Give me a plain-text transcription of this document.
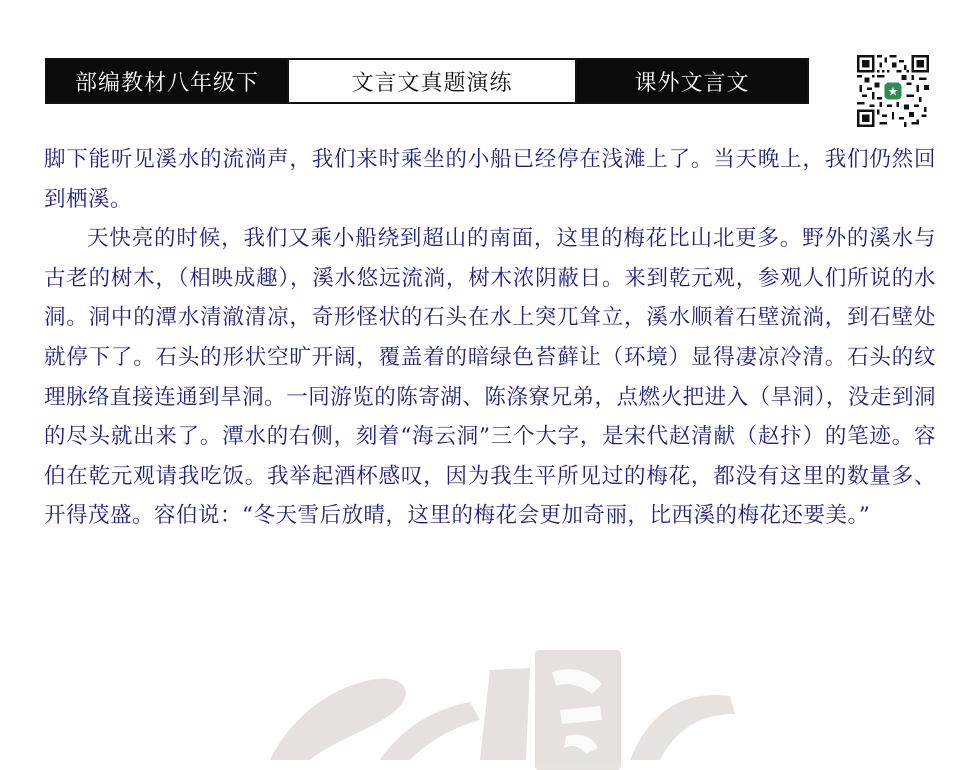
部编教材八年级下	文言文真题演练	课外文言文	★

脚下能听见溪水的流淌声，我们来时乘坐的小船已经停在浅滩上了。当天晚上，我们仍然回到栖溪。

天快亮的时候，我们又乘小船绕到超山的南面，这里的梅花比山北更多。野外的溪水与古老的树木，（相映成趣），溪水悠远流淌，树木浓阴蔽日。来到乾元观，参观人们所说的水洞。洞中的潭水清澈清凉，奇形怪状的石头在水上突兀耸立，溪水顺着石壁流淌，到石壁处就停下了。石头的形状空旷开阔，覆盖着的暗绿色苔藓让（环境）显得凄凉冷清。石头的纹理脉络直接连通到旱洞。一同游览的陈寄湖、陈涤寮兄弟，点燃火把进入（旱洞），没走到洞的尽头就出来了。潭水的右侧，刻着“海云洞”三个大字，是宋代赵清献（赵抃）的笔迹。容伯在乾元观请我吃饭。我举起酒杯感叹，因为我生平所见过的梅花，都没有这里的数量多、开得茂盛。容伯说：“冬天雪后放晴，这里的梅花会更加奇丽，比西溪的梅花还要美。”
